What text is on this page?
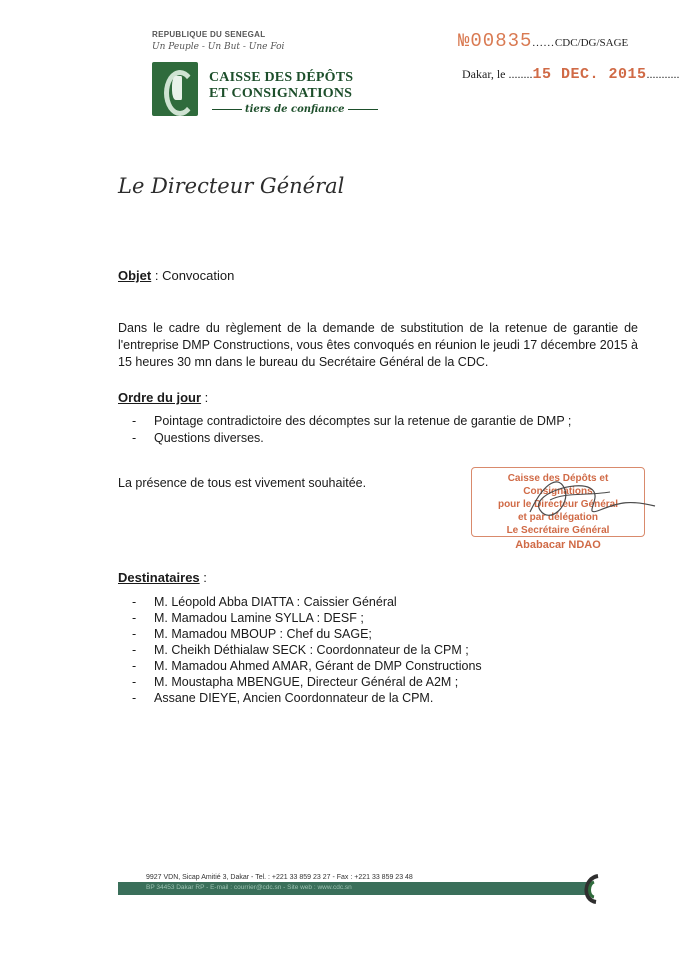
REPUBLIQUE DU SENEGAL
Un Peuple - Un But - Une Foi
CAISSE DES DÉPÔTS
ET CONSIGNATIONS
tiers de confiance
№00835......CDC/DG/SAGE
Dakar, le ........15 DEC. 2015...........
Le Directeur Général
Objet : Convocation
Dans le cadre du règlement de la demande de substitution de la retenue de garantie de l'entreprise DMP Constructions, vous êtes convoqués en réunion le jeudi 17 décembre 2015 à 15 heures 30 mn dans le bureau du Secrétaire Général de la CDC.
Ordre du jour :
- Pointage contradictoire des décomptes sur la retenue de garantie de DMP ;
- Questions diverses.
La présence de tous est vivement souhaitée.	Caisse des Dépôts et Consignations
pour le Directeur Général
et par délégation
Le Secrétaire Général
Ababacar NDAO
Destinataires :
- M. Léopold Abba DIATTA : Caissier Général
- M. Mamadou Lamine SYLLA : DESF ;
- M. Mamadou MBOUP : Chef du SAGE;
- M. Cheikh Déthialaw SECK : Coordonnateur de la CPM ;
- M. Mamadou Ahmed AMAR, Gérant de DMP Constructions
- M. Moustapha MBENGUE, Directeur Général de A2M ;
- Assane DIEYE, Ancien Coordonnateur de la CPM.
9927 VDN, Sicap Amitié 3, Dakar - Tel. : +221 33 859 23 27 - Fax : +221 33 859 23 48
BP 34453 Dakar RP - E-mail : courrier@cdc.sn - Site web : www.cdc.sn
